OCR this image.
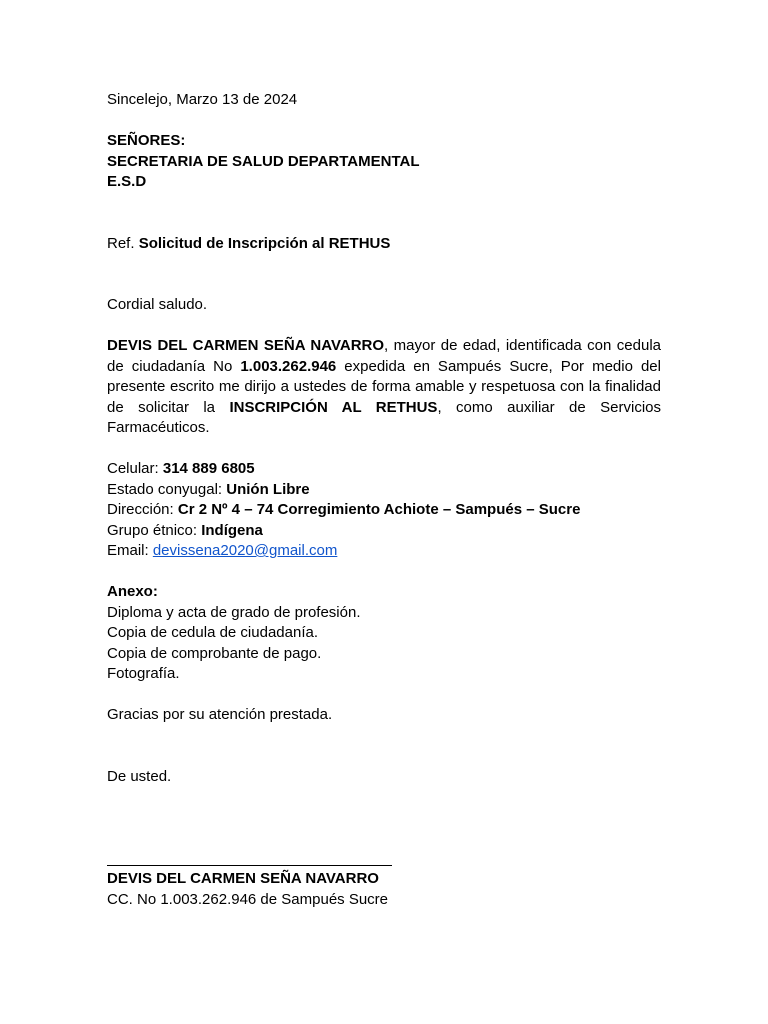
Sincelejo, Marzo 13 de 2024
SEÑORES:
SECRETARIA DE SALUD DEPARTAMENTAL
E.S.D
Ref. Solicitud de Inscripción al RETHUS
Cordial saludo.
DEVIS DEL CARMEN SEÑA NAVARRO, mayor de edad, identificada con cedula de ciudadanía No 1.003.262.946 expedida en Sampués Sucre, Por medio del presente escrito me dirijo a ustedes de forma amable y respetuosa con la finalidad de solicitar la INSCRIPCIÓN AL RETHUS, como auxiliar de Servicios Farmacéuticos.
Celular: 314 889 6805
Estado conyugal: Unión Libre
Dirección: Cr 2 Nº 4 – 74 Corregimiento Achiote – Sampués – Sucre
Grupo étnico: Indígena
Email: devissena2020@gmail.com
Anexo:
Diploma y acta de grado de profesión.
Copia de cedula de ciudadanía.
Copia de comprobante de pago.
Fotografía.
Gracias por su atención prestada.
De usted.
DEVIS DEL CARMEN SEÑA NAVARRO
CC. No 1.003.262.946 de Sampués Sucre
